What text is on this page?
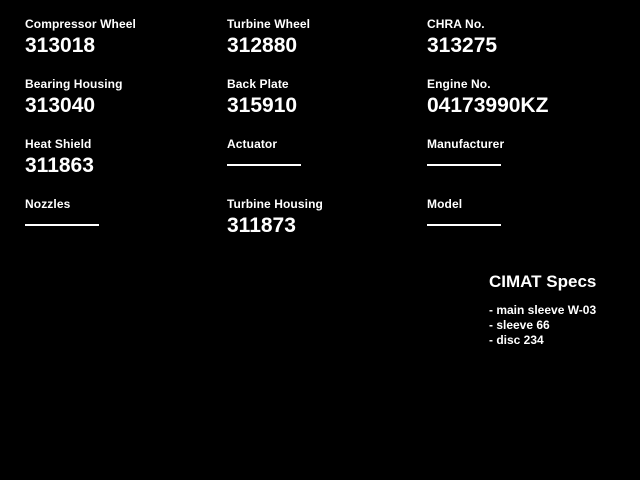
Compressor Wheel
313018
Turbine Wheel
312880
CHRA No.
313275
Bearing Housing
313040
Back Plate
315910
Engine No.
04173990KZ
Heat Shield
311863
Actuator	Manufacturer
Nozzles	Turbine Housing
311873
Model
CIMAT Specs
- main sleeve W-03
- sleeve 66
- disc 234
